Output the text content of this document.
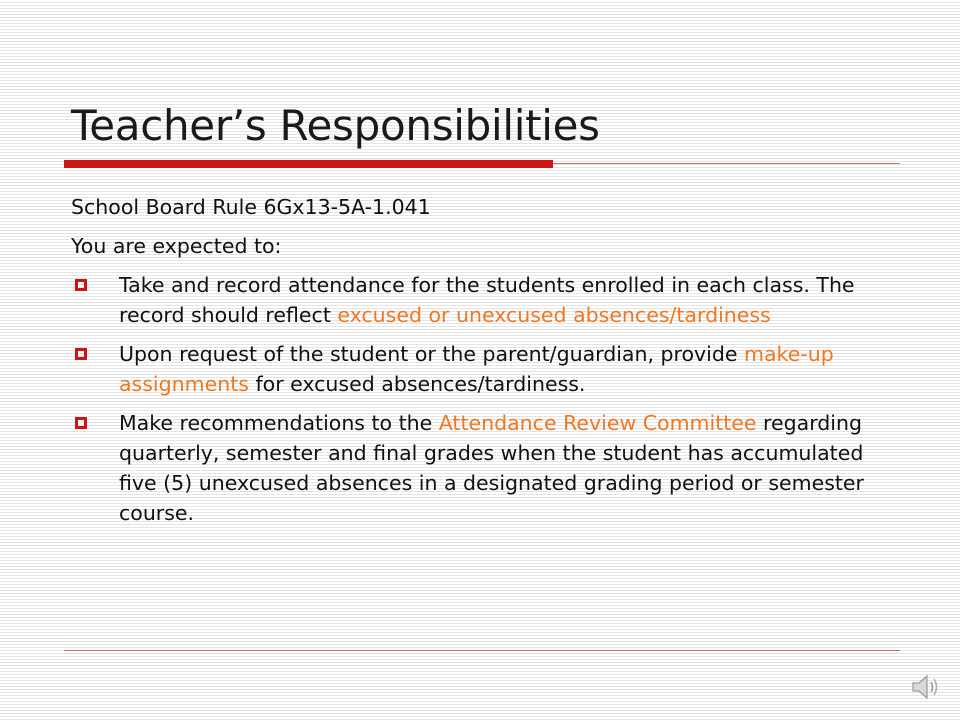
Teacher’s Responsibilities

School Board Rule 6Gx13-5A-1.041

You are expected to:

Take and record attendance for the students enrolled in each class. The record should reflect excused or unexcused absences/tardiness
Upon request of the student or the parent/guardian, provide make-up assignments for excused absences/tardiness.
Make recommendations to the Attendance Review Committee regarding quarterly, semester and final grades when the student has accumulated five (5) unexcused absences in a designated grading period or semester course.
